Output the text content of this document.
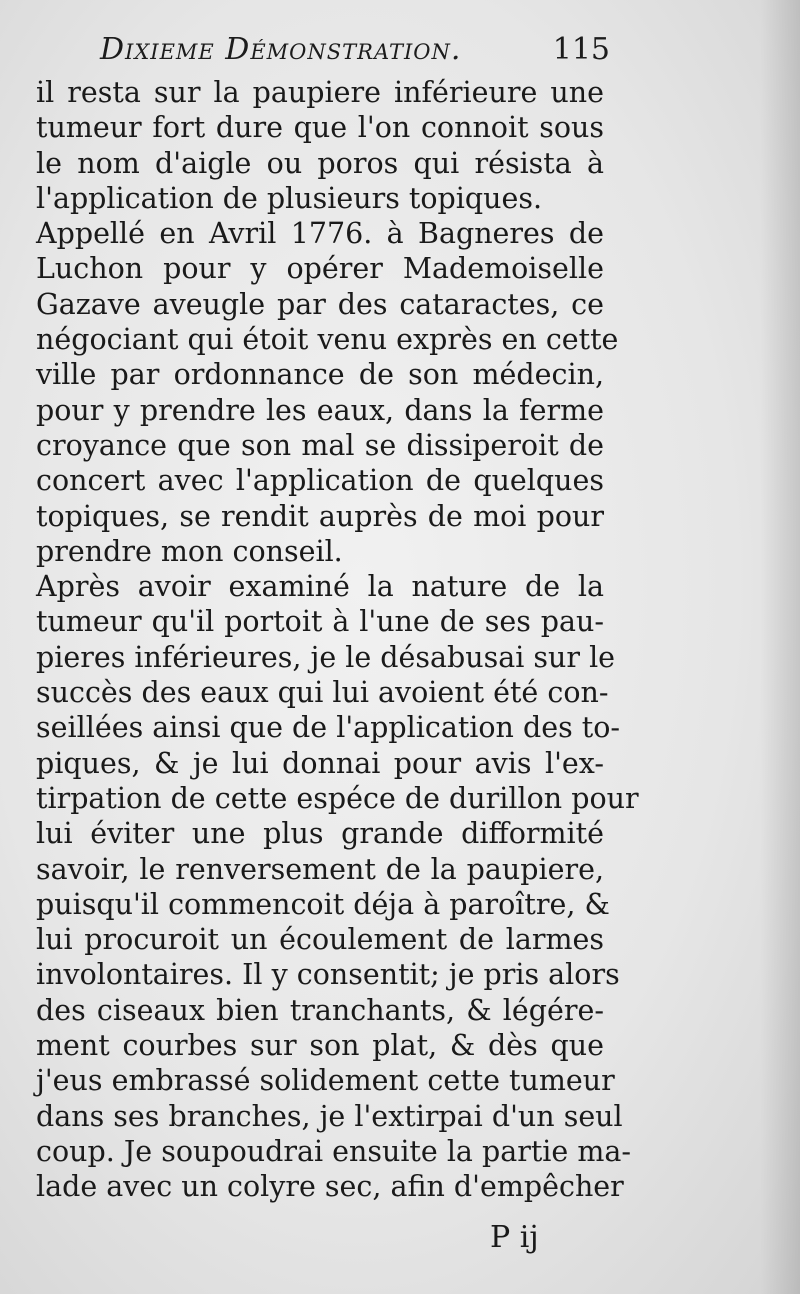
Dixieme Démonstration.	115
il resta sur la paupiere inférieure une
tumeur fort dure que l'on connoit sous
le nom d'aigle ou poros qui résista à
l'application de plusieurs topiques.
Appellé en Avril 1776. à Bagneres de
Luchon pour y opérer Mademoiselle
Gazave aveugle par des cataractes, ce
négociant qui étoit venu exprès en cette
ville par ordonnance de son médecin,
pour y prendre les eaux, dans la ferme
croyance que son mal se dissiperoit de
concert avec l'application de quelques
topiques, se rendit auprès de moi pour
prendre mon conseil.
Après avoir examiné la nature de la
tumeur qu'il portoit à l'une de ses pau-
pieres inférieures, je le désabusai sur le
succès des eaux qui lui avoient été con-
seillées ainsi que de l'application des to-
piques, & je lui donnai pour avis l'ex-
tirpation de cette espéce de durillon pour
lui éviter une plus grande difformité
savoir, le renversement de la paupiere,
puisqu'il commencoit déja à paroître, &
lui procuroit un écoulement de larmes
involontaires. Il y consentit; je pris alors
des ciseaux bien tranchants, & légére-
ment courbes sur son plat, & dès que
j'eus embrassé solidement cette tumeur
dans ses branches, je l'extirpai d'un seul
coup. Je soupoudrai ensuite la partie ma-
lade avec un colyre sec, afin d'empêcher
P ij
